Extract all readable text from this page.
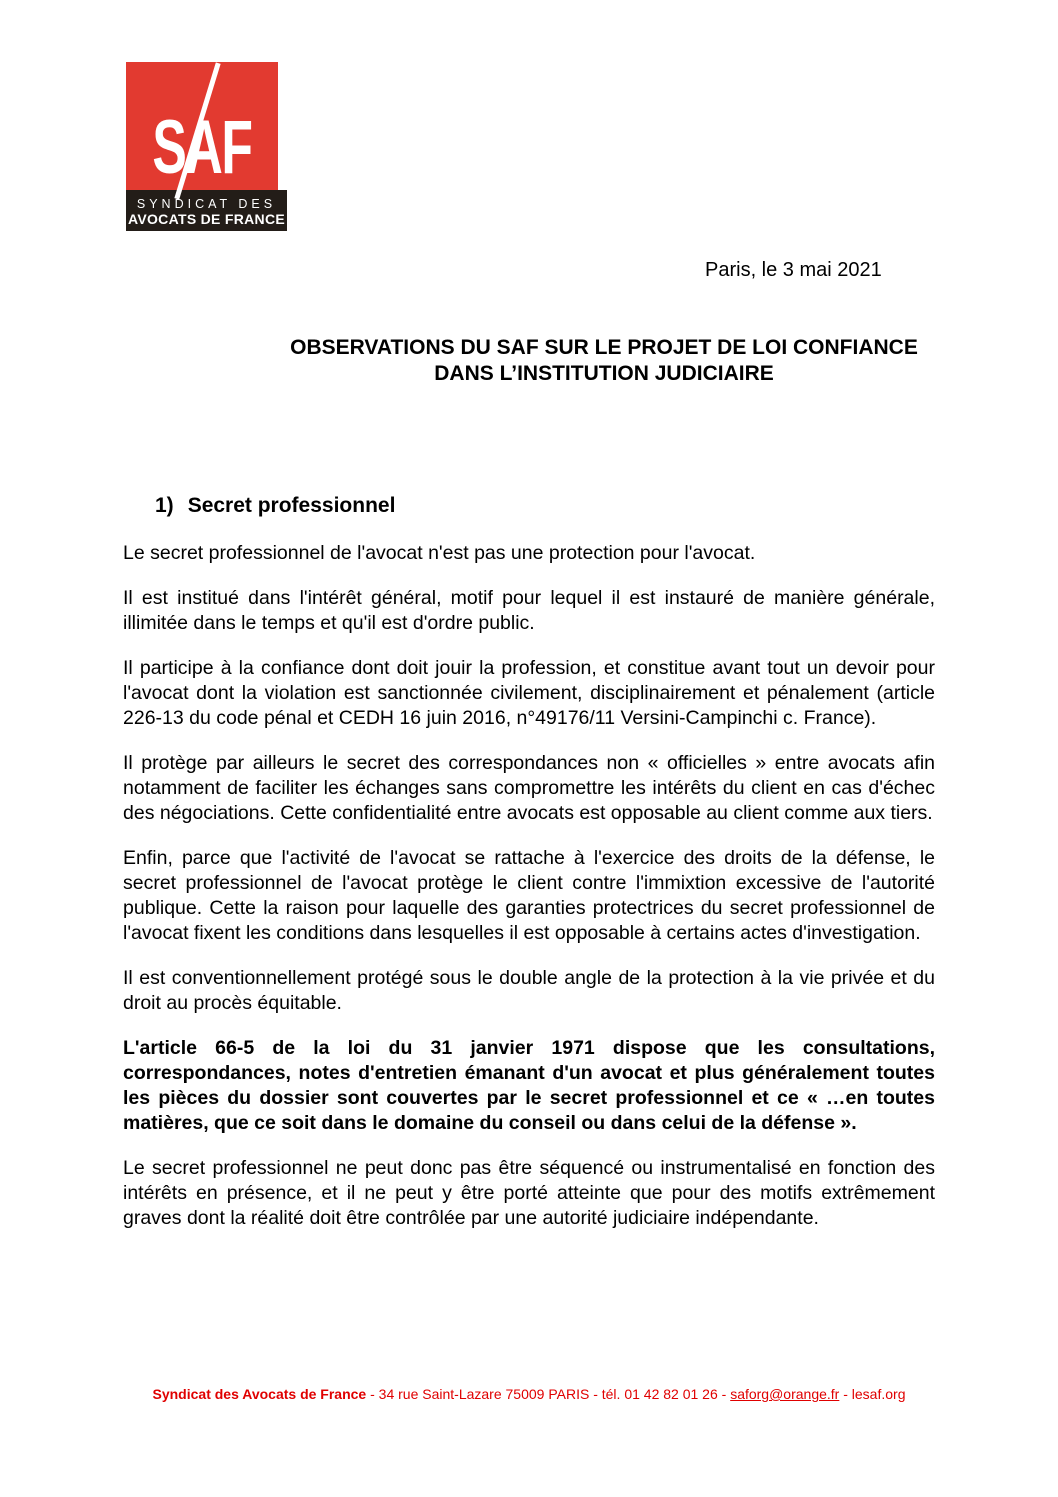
SAF
SYNDICAT DES
AVOCATS DE FRANCE
Paris, le 3 mai 2021
OBSERVATIONS DU SAF SUR LE PROJET DE LOI CONFIANCE
DANS L’INSTITUTION JUDICIAIRE
1) Secret professionnel

Le secret professionnel de l'avocat n'est pas une protection pour l'avocat.

Il est institué dans l'intérêt général, motif pour lequel il est instauré de manière générale, illimitée dans le temps et qu'il est d'ordre public.

Il participe à la confiance dont doit jouir la profession, et constitue avant tout un devoir pour l'avocat dont la violation est sanctionnée civilement, disciplinairement et pénalement (article 226-13 du code pénal et CEDH 16 juin 2016, n°49176/11 Versini-Campinchi c. France).

Il protège par ailleurs le secret des correspondances non « officielles » entre avocats afin notamment de faciliter les échanges sans compromettre les intérêts du client en cas d'échec des négociations. Cette confidentialité entre avocats est opposable au client comme aux tiers.

Enfin, parce que l'activité de l'avocat se rattache à l'exercice des droits de la défense, le secret professionnel de l'avocat protège le client contre l'immixtion excessive de l'autorité publique. Cette la raison pour laquelle des garanties protectrices du secret professionnel de l'avocat fixent les conditions dans lesquelles il est opposable à certains actes d'investigation.

Il est conventionnellement protégé sous le double angle de la protection à la vie privée et du droit au procès équitable.

L'article 66-5 de la loi du 31 janvier 1971 dispose que les consultations, correspondances, notes d'entretien émanant d'un avocat et plus généralement toutes les pièces du dossier sont couvertes par le secret professionnel et ce « …en toutes matières, que ce soit dans le domaine du conseil ou dans celui de la défense ».

Le secret professionnel ne peut donc pas être séquencé ou instrumentalisé en fonction des intérêts en présence, et il ne peut y être porté atteinte que pour des motifs extrêmement graves dont la réalité doit être contrôlée par une autorité judiciaire indépendante.

Syndicat des Avocats de France - 34 rue Saint-Lazare 75009 PARIS - tél. 01 42 82 01 26 - saforg@orange.fr - lesaf.org
